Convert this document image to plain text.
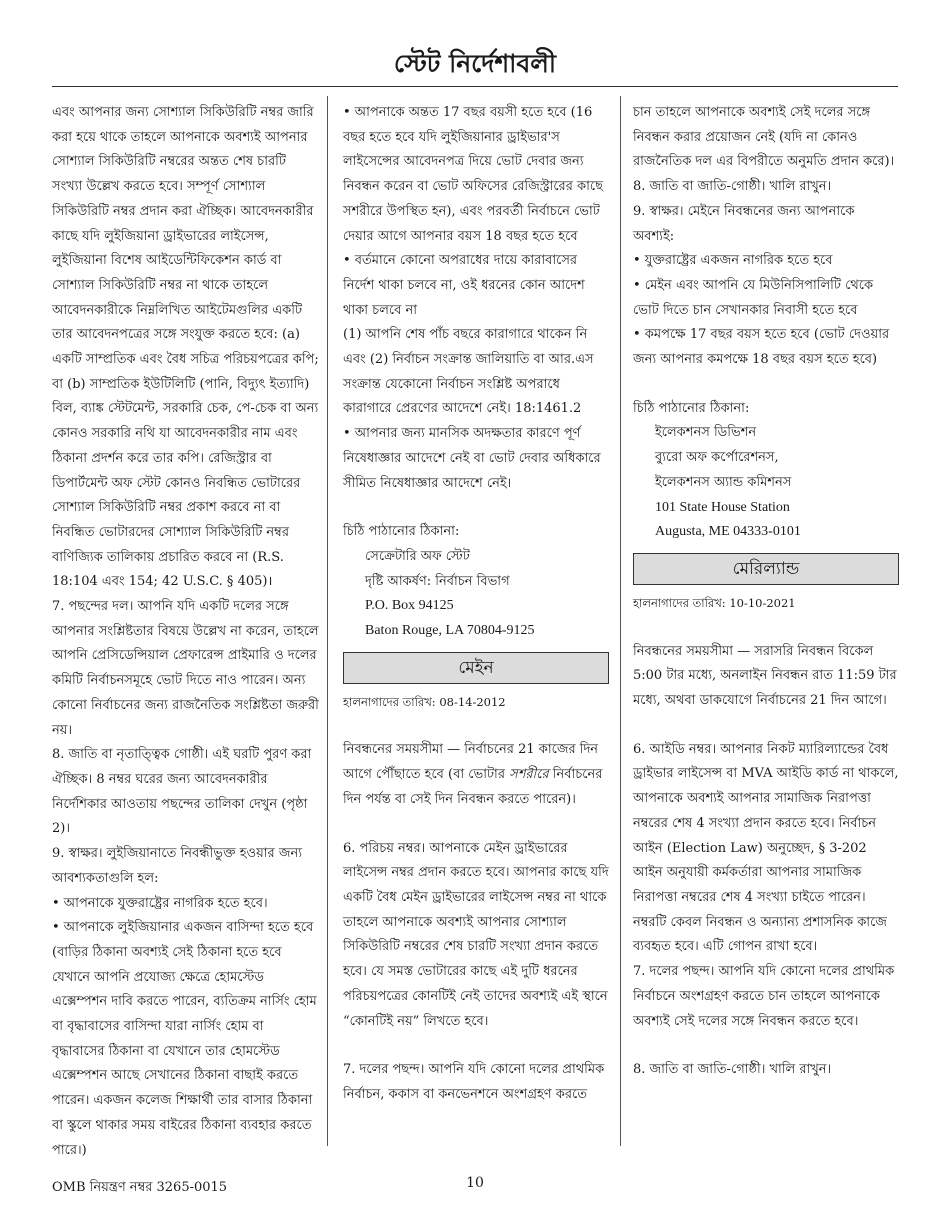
স্টেট নির্দেশাবলী

এবং আপনার জন্য সোশ্যাল সিকিউরিটি নম্বর জারি করা হয়ে থাকে তাহলে আপনাকে অবশ্যই আপনার সোশ্যাল সিকিউরিটি নম্বরের অন্তত শেষ চারটি সংখ্যা উল্লেখ করতে হবে। সম্পূর্ণ সোশ্যাল সিকিউরিটি নম্বর প্রদান করা ঐচ্ছিক। আবেদনকারীর কাছে যদি লুইজিয়ানা ড্রাইভারের লাইসেন্স, লুইজিয়ানা বিশেষ আইডেন্টিফিকেশন কার্ড বা সোশ্যাল সিকিউরিটি নম্বর না থাকে তাহলে আবেদনকারীকে নিম্নলিখিত আইটেমগুলির একটি তার আবেদনপত্রের সঙ্গে সংযুক্ত করতে হবে: (a) একটি সাম্প্রতিক এবং বৈধ সচিত্র পরিচয়পত্রের কপি; বা (b) সাম্প্রতিক ইউটিলিটি (পানি, বিদ্যুৎ ইত্যাদি) বিল, ব্যাঙ্ক স্টেটমেন্ট, সরকারি চেক, পে-চেক বা অন্য কোনও সরকারি নথি যা আবেদনকারীর নাম এবং ঠিকানা প্রদর্শন করে তার কপি। রেজিস্ট্রার বা ডিপার্টমেন্ট অফ স্টেট কোনও নিবন্ধিত ভোটারের সোশ্যাল সিকিউরিটি নম্বর প্রকাশ করবে না বা নিবন্ধিত ভোটারদের সোশ্যাল সিকিউরিটি নম্বর বাণিজ্যিক তালিকায় প্রচারিত করবে না (R.S. 18:104 এবং 154; 42 U.S.C. § 405)।

7. পছন্দের দল। আপনি যদি একটি দলের সঙ্গে আপনার সংশ্লিষ্টতার বিষয়ে উল্লেখ না করেন, তাহলে আপনি প্রেসিডেন্সিয়াল প্রেফারেন্স প্রাইমারি ও দলের কমিটি নির্বাচনসমূহে ভোট দিতে নাও পারেন। অন্য কোনো নির্বাচনের জন্য রাজনৈতিক সংশ্লিষ্টতা জরুরী নয়।

8. জাতি বা নৃতাত্ত্বিক গোষ্ঠী। এই ঘরটি পুরণ করা ঐচ্ছিক। 8 নম্বর ঘরের জন্য আবেদনকারীর নির্দেশিকার আওতায় পছন্দের তালিকা দেখুন (পৃষ্ঠা 2)।

9. স্বাক্ষর। লুইজিয়ানাতে নিবন্ধীভুক্ত হওয়ার জন্য আবশ্যকতাগুলি হল:

• আপনাকে যুক্তরাষ্ট্রের নাগরিক হতে হবে।

• আপনাকে লুইজিয়ানার একজন বাসিন্দা হতে হবে (বাড়ির ঠিকানা অবশ্যই সেই ঠিকানা হতে হবে যেখানে আপনি প্রযোজ্য ক্ষেত্রে হোমস্টেড এক্সেম্পশন দাবি করতে পারেন, ব্যতিক্রম নার্সিং হোম বা বৃদ্ধাবাসের বাসিন্দা যারা নার্সিং হোম বা বৃদ্ধাবাসের ঠিকানা বা যেখানে তার হোমস্টেড এক্সেম্পশন আছে সেখানের ঠিকানা বাছাই করতে পারেন। একজন কলেজ শিক্ষার্থী তার বাসার ঠিকানা বা স্কুলে থাকার সময় বাইরের ঠিকানা ব্যবহার করতে পারে।)

• আপনাকে অন্তত 17 বছর বয়সী হতে হবে (16 বছর হতে হবে যদি লুইজিয়ানার ড্রাইভার'স লাইসেন্সের আবেদনপত্র দিয়ে ভোট দেবার জন্য নিবন্ধন করেন বা ভোট অফিসের রেজিস্ট্রারের কাছে সশরীরে উপস্থিত হন), এবং পরবর্তী নির্বাচনে ভোট দেয়ার আগে আপনার বয়স 18 বছর হতে হবে

• বর্তমানে কোনো অপরাধের দায়ে কারাবাসের নির্দেশ থাকা চলবে না, ওই ধরনের কোন আদেশ থাকা চলবে না

(1) আপনি শেষ পাঁচ বছরে কারাগারে থাকেন নি এবং (2) নির্বাচন সংক্রান্ত জালিয়াতি বা আর.এস সংক্রান্ত যেকোনো নির্বাচন সংশ্লিষ্ট অপরাধে কারাগারে প্রেরণের আদেশে নেই। 18:1461.2

• আপনার জন্য মানসিক অদক্ষতার কারণে পূর্ণ নিষেধাজ্ঞার আদেশে নেই বা ভোট দেবার অধিকারে সীমিত নিষেধাজ্ঞার আদেশে নেই।

চিঠি পাঠানোর ঠিকানা:

সেক্রেটারি অফ স্টেট

দৃষ্টি আকর্ষণ: নির্বাচন বিভাগ

P.O. Box 94125

Baton Rouge, LA 70804-9125

মেইন

হালনাগাদের তারিখ: 08-14-2012

নিবন্ধনের সময়সীমা — নির্বাচনের 21 কাজের দিন আগে পৌঁছাতে হবে (বা ভোটার সশরীরে নির্বাচনের দিন পর্যন্ত বা সেই দিন নিবন্ধন করতে পারেন)।

6. পরিচয় নম্বর। আপনাকে মেইন ড্রাইভারের লাইসেন্স নম্বর প্রদান করতে হবে। আপনার কাছে যদি একটি বৈধ মেইন ড্রাইভারের লাইসেন্স নম্বর না থাকে তাহলে আপনাকে অবশ্যই আপনার সোশ্যাল সিকিউরিটি নম্বরের শেষ চারটি সংখ্যা প্রদান করতে হবে। যে সমস্ত ভোটারের কাছে এই দুটি ধরনের পরিচয়পত্রের কোনটিই নেই তাদের অবশ্যই এই স্থানে “কোনটিই নয়” লিখতে হবে।

7. দলের পছন্দ। আপনি যদি কোনো দলের প্রাথমিক নির্বাচন, ককাস বা কনভেনশনে অংশগ্রহণ করতে

চান তাহলে আপনাকে অবশ্যই সেই দলের সঙ্গে নিবন্ধন করার প্রয়োজন নেই (যদি না কোনও রাজনৈতিক দল এর বিপরীতে অনুমতি প্রদান করে)।

8. জাতি বা জাতি-গোষ্ঠী। খালি রাখুন।

9. স্বাক্ষর। মেইনে নিবন্ধনের জন্য আপনাকে অবশ্যই:

• যুক্তরাষ্ট্রের একজন নাগরিক হতে হবে

• মেইন এবং আপনি যে মিউনিসিপালিটি থেকে ভোট দিতে চান সেখানকার নিবাসী হতে হবে

• কমপক্ষে 17 বছর বয়স হতে হবে (ভোট দেওয়ার জন্য আপনার কমপক্ষে 18 বছর বয়স হতে হবে)

চিঠি পাঠানোর ঠিকানা:

ইলেকশনস ডিভিশন

ব্যুরো অফ কর্পোরেশনস,

ইলেকশনস অ্যান্ড কমিশনস

101 State House Station

Augusta, ME 04333-0101

মেরিল্যান্ড

হালনাগাদের তারিখ: 10-10-2021

নিবন্ধনের সময়সীমা — সরাসরি নিবন্ধন বিকেল 5:00 টার মধ্যে, অনলাইন নিবন্ধন রাত 11:59 টার মধ্যে, অথবা ডাকযোগে নির্বাচনের 21 দিন আগে।

6. আইডি নম্বর। আপনার নিকট ম্যারিল্যান্ডের বৈধ ড্রাইভার লাইসেন্স বা MVA আইডি কার্ড না থাকলে, আপনাকে অবশ্যই আপনার সামাজিক নিরাপত্তা নম্বরের শেষ 4 সংখ্যা প্রদান করতে হবে। নির্বাচন আইন (Election Law) অনুচ্ছেদ, § 3-202 আইন অনুযায়ী কর্মকর্তারা আপনার সামাজিক নিরাপত্তা নম্বরের শেষ 4 সংখ্যা চাইতে পারেন। নম্বরটি কেবল নিবন্ধন ও অন্যান্য প্রশাসনিক কাজে ব্যবহৃত হবে। এটি গোপন রাখা হবে।

7. দলের পছন্দ। আপনি যদি কোনো দলের প্রাথমিক নির্বাচনে অংশগ্রহণ করতে চান তাহলে আপনাকে অবশ্যই সেই দলের সঙ্গে নিবন্ধন করতে হবে।

8. জাতি বা জাতি-গোষ্ঠী। খালি রাখুন।

OMB নিয়ন্ত্রণ নম্বর 3265-0015	10
